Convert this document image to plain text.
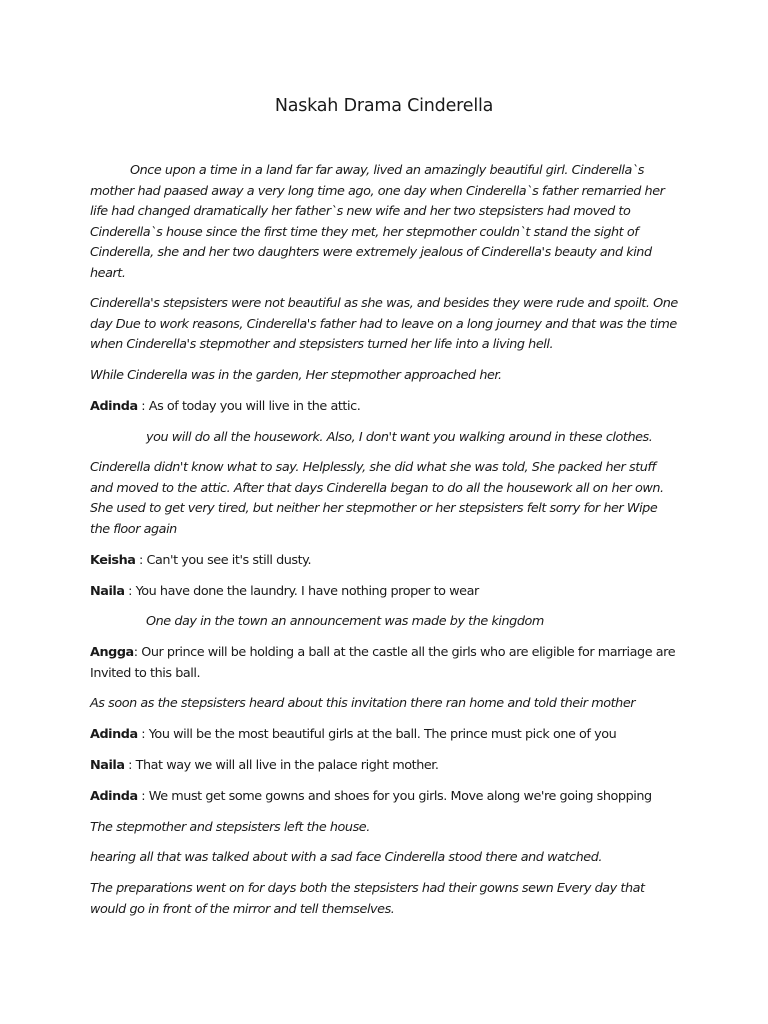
Naskah Drama Cinderella

Once upon a time in a land far far away, lived an amazingly beautiful girl. Cinderella`s mother had paased away a very long time ago, one day when Cinderella`s father remarried her life had changed dramatically her father`s new wife and her two stepsisters had moved to Cinderella`s house since the first time they met, her stepmother couldn`t stand the sight of Cinderella, she and her two daughters were extremely jealous of Cinderella's beauty and kind heart.

Cinderella's stepsisters were not beautiful as she was, and besides they were rude and spoilt. One day Due to work reasons, Cinderella's father had to leave on a long journey and that was the time when Cinderella's stepmother and stepsisters turned her life into a living hell.

While Cinderella was in the garden, Her stepmother approached her.

Adinda : As of today you will live in the attic.

you will do all the housework. Also, I don't want you walking around in these clothes.

Cinderella didn't know what to say. Helplessly, she did what she was told, She packed her stuff and moved to the attic. After that days Cinderella began to do all the housework all on her own. She used to get very tired, but neither her stepmother or her stepsisters felt sorry for her Wipe the floor again

Keisha : Can't you see it's still dusty.

Naila : You have done the laundry. I have nothing proper to wear

One day in the town an announcement was made by the kingdom

Angga: Our prince will be holding a ball at the castle all the girls who are eligible for marriage are Invited to this ball.

As soon as the stepsisters heard about this invitation there ran home and told their mother

Adinda : You will be the most beautiful girls at the ball. The prince must pick one of you

Naila : That way we will all live in the palace right mother.

Adinda : We must get some gowns and shoes for you girls. Move along we're going shopping

The stepmother and stepsisters left the house.

hearing all that was talked about with a sad face Cinderella stood there and watched.

The preparations went on for days both the stepsisters had their gowns sewn Every day that would go in front of the mirror and tell themselves.
